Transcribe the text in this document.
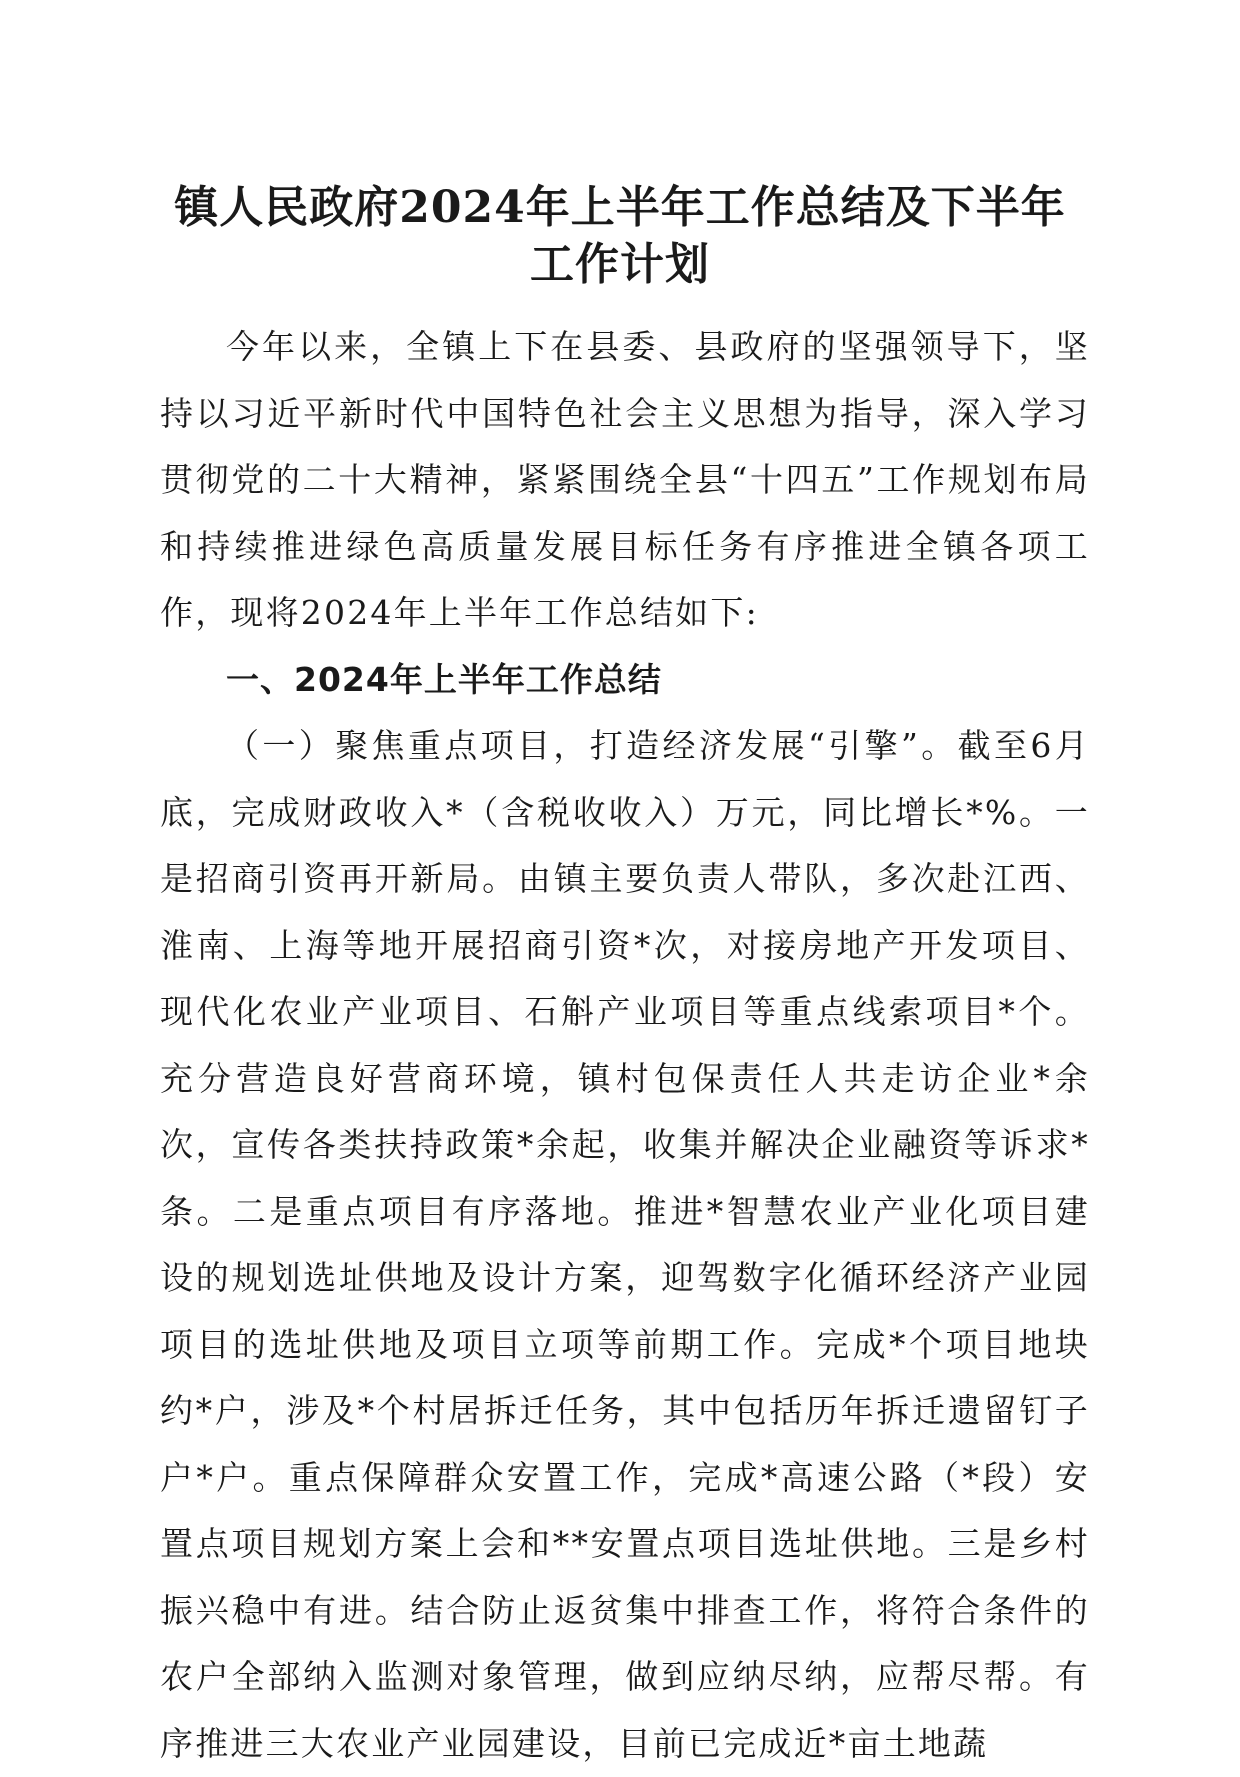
镇人民政府2024年上半年工作总结及下半年
工作计划

今年以来，全镇上下在县委、县政府的坚强领导下，坚持以习近平新时代中国特色社会主义思想为指导，深入学习贯彻党的二十大精神，紧紧围绕全县“十四五”工作规划布局和持续推进绿色高质量发展目标任务有序推进全镇各项工作，现将2024年上半年工作总结如下:

一、2024年上半年工作总结

（一）聚焦重点项目，打造经济发展“引擎”。截至6月底，完成财政收入*（含税收收入）万元，同比增长*%。一是招商引资再开新局。由镇主要负责人带队，多次赴江西、淮南、上海等地开展招商引资*次，对接房地产开发项目、现代化农业产业项目、石斛产业项目等重点线索项目*个。充分营造良好营商环境，镇村包保责任人共走访企业*余次，宣传各类扶持政策*余起，收集并解决企业融资等诉求*条。二是重点项目有序落地。推进*智慧农业产业化项目建设的规划选址供地及设计方案，迎驾数字化循环经济产业园项目的选址供地及项目立项等前期工作。完成*个项目地块约*户，涉及*个村居拆迁任务，其中包括历年拆迁遗留钉子户*户。重点保障群众安置工作，完成*高速公路（*段）安置点项目规划方案上会和**安置点项目选址供地。三是乡村振兴稳中有进。结合防止返贫集中排查工作，将符合条件的农户全部纳入监测对象管理，做到应纳尽纳，应帮尽帮。有序推进三大农业产业园建设，目前已完成近*亩土地蔬
